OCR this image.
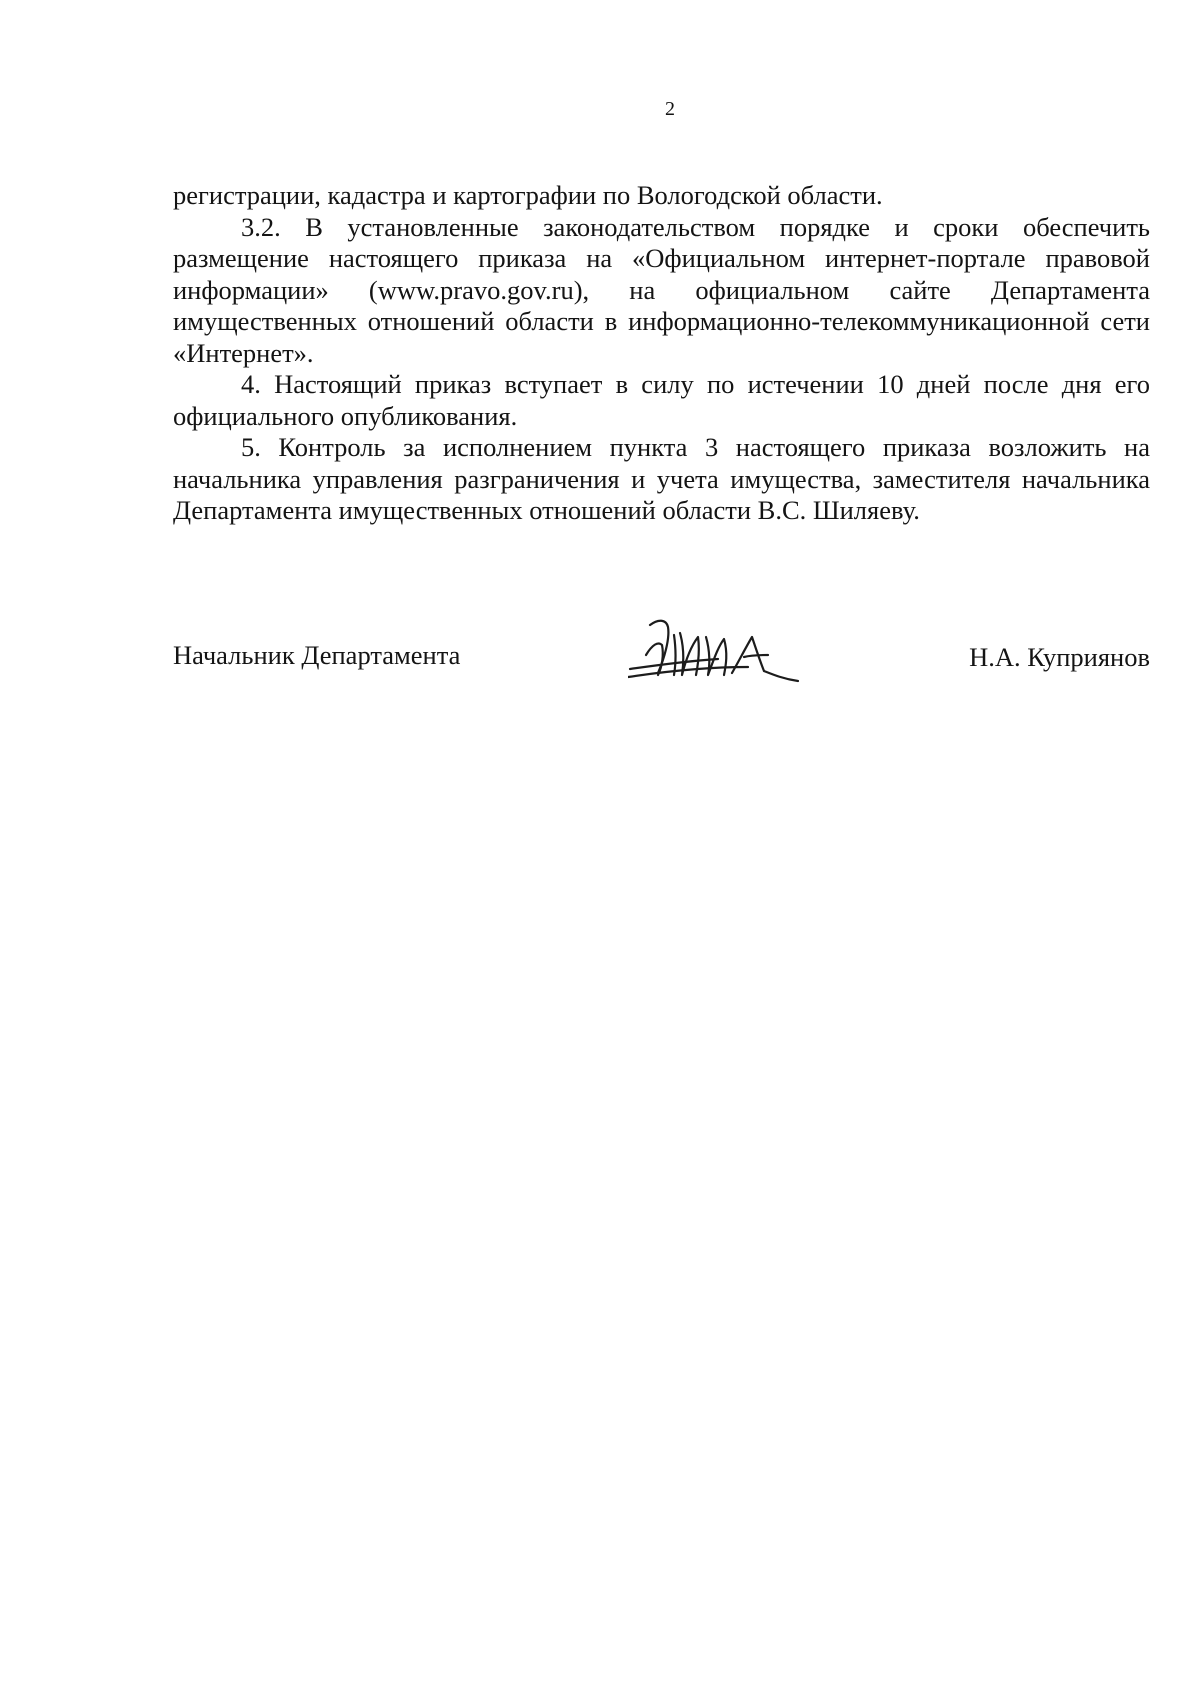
2

регистрации, кадастра и картографии по Вологодской области.

3.2. В установленные законодательством порядке и сроки обеспечить размещение настоящего приказа на «Официальном интернет-портале правовой информации» (www.pravo.gov.ru), на официальном сайте Департамента имущественных отношений области в информационно-телекоммуникационной сети «Интернет».

4. Настоящий приказ вступает в силу по истечении 10 дней после дня его официального опубликования.

5. Контроль за исполнением пункта 3 настоящего приказа возложить на начальника управления разграничения и учета имущества, заместителя начальника Департамента имущественных отношений области В.С. Шиляеву.

Начальник Департамента	Н.А. Куприянов
